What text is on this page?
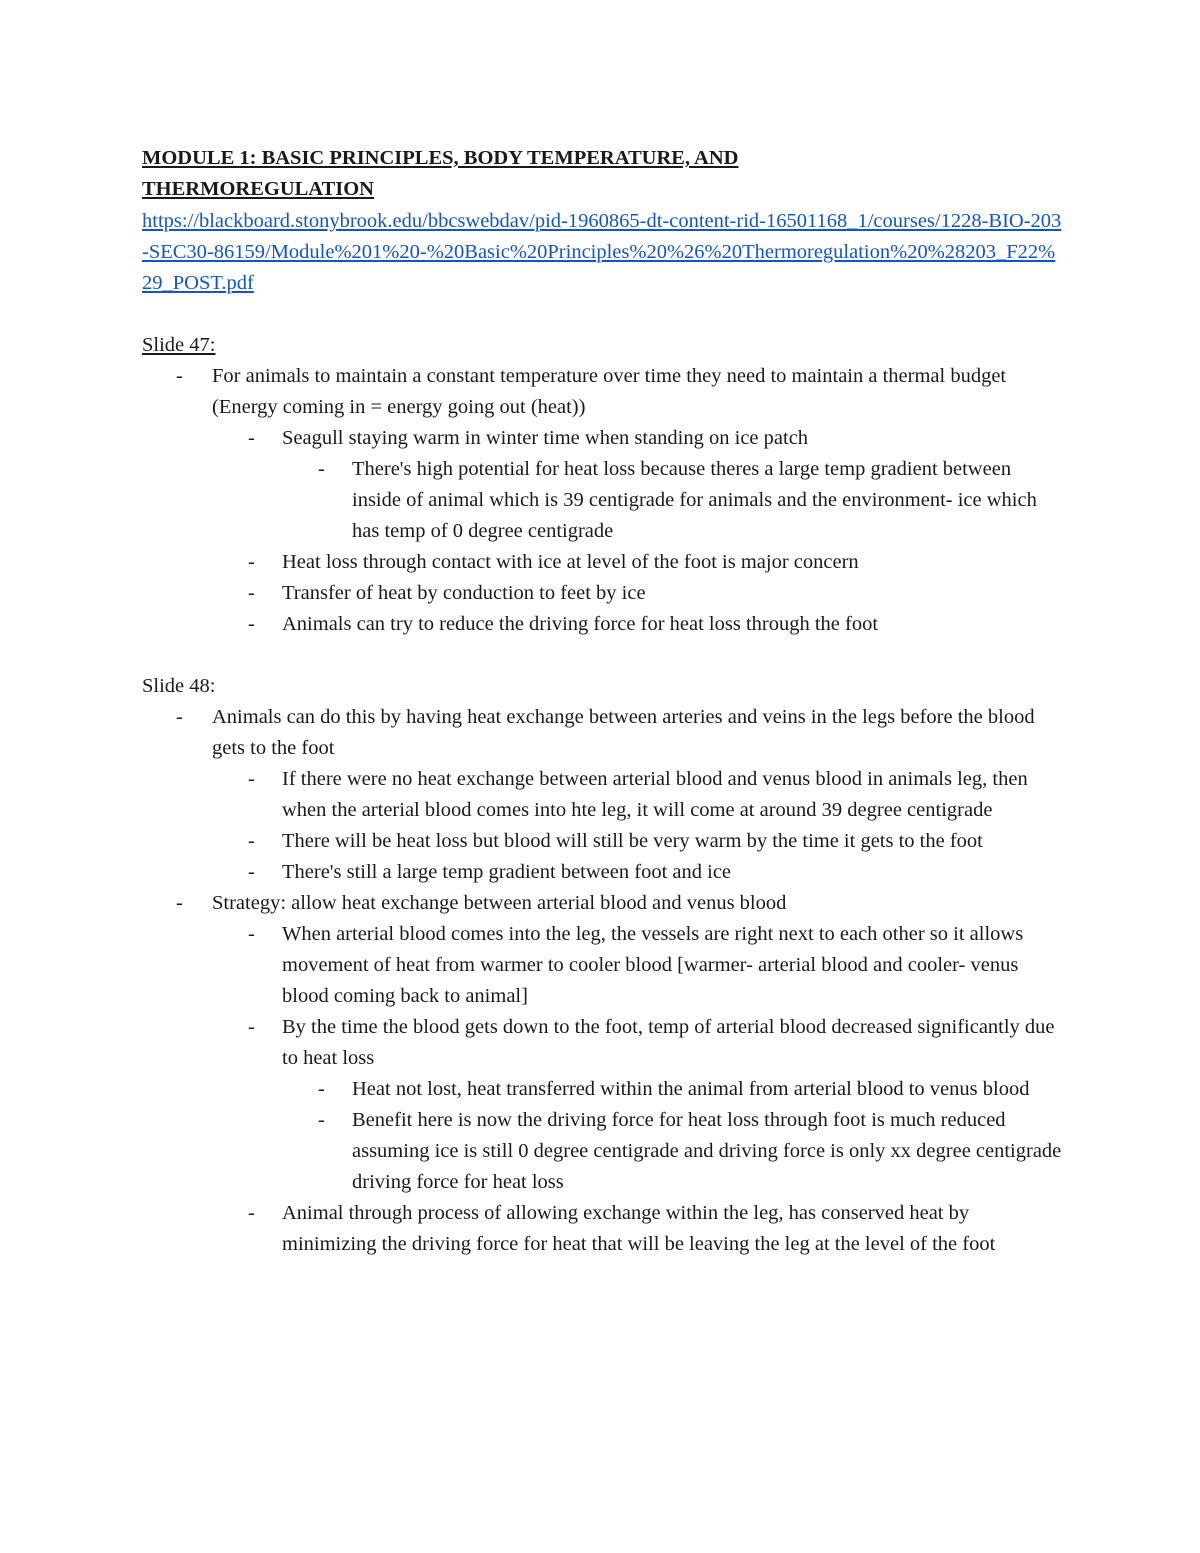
MODULE 1: BASIC PRINCIPLES, BODY TEMPERATURE, AND
THERMOREGULATION
https://blackboard.stonybrook.edu/bbcswebdav/pid-1960865-dt-content-rid-16501168_1/courses/1228-BIO-203-SEC30-86159/Module%201%20-%20Basic%20Principles%20%26%20Thermoregulation%20%28203_F22%29_POST.pdf
Slide 47:
- For animals to maintain a constant temperature over time they need to maintain a thermal budget (Energy coming in = energy going out (heat))
- Seagull staying warm in winter time when standing on ice patch
- There's high potential for heat loss because theres a large temp gradient between inside of animal which is 39 centigrade for animals and the environment- ice which has temp of 0 degree centigrade
- Heat loss through contact with ice at level of the foot is major concern
- Transfer of heat by conduction to feet by ice
- Animals can try to reduce the driving force for heat loss through the foot
Slide 48:
- Animals can do this by having heat exchange between arteries and veins in the legs before the blood gets to the foot
- If there were no heat exchange between arterial blood and venus blood in animals leg, then when the arterial blood comes into hte leg, it will come at around 39 degree centigrade
- There will be heat loss but blood will still be very warm by the time it gets to the foot
- There's still a large temp gradient between foot and ice
- Strategy: allow heat exchange between arterial blood and venus blood
- When arterial blood comes into the leg, the vessels are right next to each other so it allows movement of heat from warmer to cooler blood [warmer- arterial blood and cooler- venus blood coming back to animal]
- By the time the blood gets down to the foot, temp of arterial blood decreased significantly due to heat loss
- Heat not lost, heat transferred within the animal from arterial blood to venus blood
- Benefit here is now the driving force for heat loss through foot is much reduced assuming ice is still 0 degree centigrade and driving force is only xx degree centigrade driving force for heat loss
- Animal through process of allowing exchange within the leg, has conserved heat by minimizing the driving force for heat that will be leaving the leg at the level of the foot
